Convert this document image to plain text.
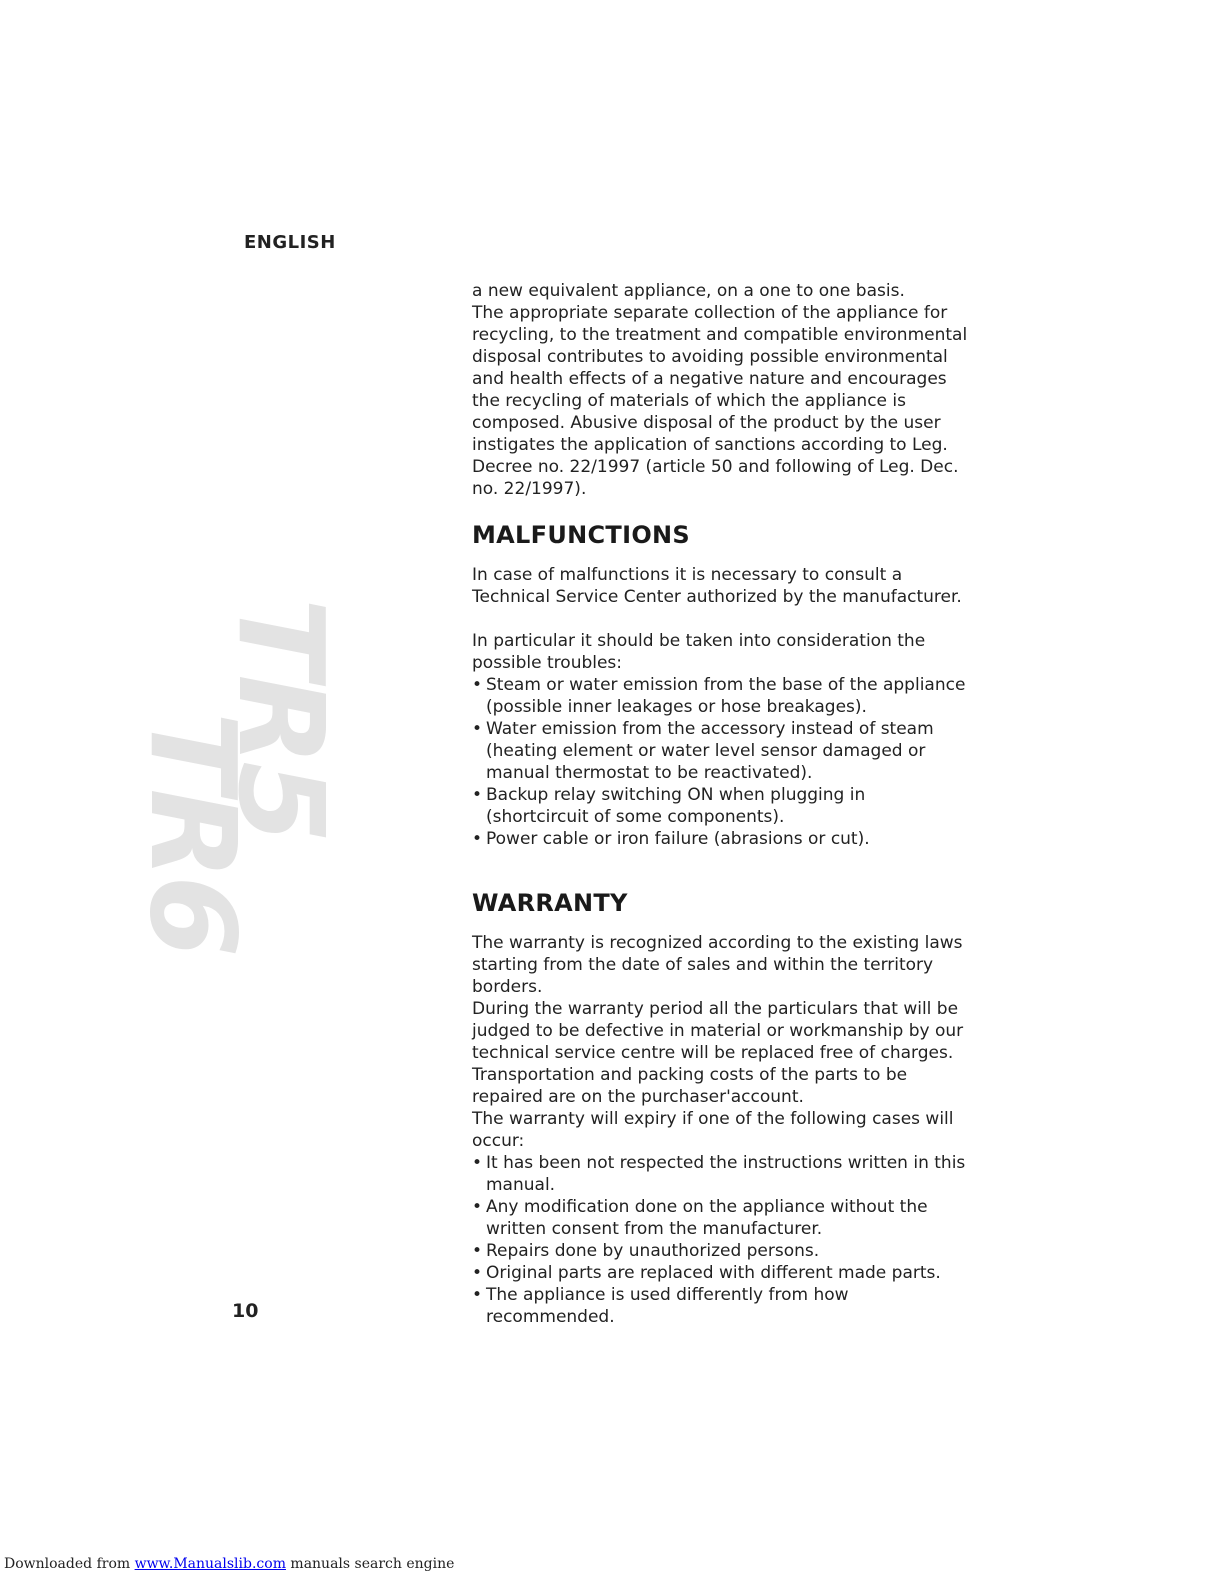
ENGLISH
TR5
TR6

a new equivalent appliance, on a one to one basis.
The appropriate separate collection of the appliance for
recycling, to the treatment and compatible environmental
disposal contributes to avoiding possible environmental
and health effects of a negative nature and encourages
the recycling of materials of which the appliance is
composed. Abusive disposal of the product by the user
instigates the application of sanctions according to Leg.
Decree no. 22/1997 (article 50 and following of Leg. Dec.
no. 22/1997).

MALFUNCTIONS

In case of malfunctions it is necessary to consult a
Technical Service Center authorized by the manufacturer.

In particular it should be taken into consideration the
possible troubles:

• Steam or water emission from the base of the appliance
(possible inner leakages or hose breakages).

• Water emission from the accessory instead of steam
(heating element or water level sensor damaged or
manual thermostat to be reactivated).

• Backup relay switching ON when plugging in
(shortcircuit of some components).

• Power cable or iron failure (abrasions or cut).

WARRANTY

The warranty is recognized according to the existing laws
starting from the date of sales and within the territory
borders.
During the warranty period all the particulars that will be
judged to be defective in material or workmanship by our
technical service centre will be replaced free of charges.
Transportation and packing costs of the parts to be
repaired are on the purchaser'account.
The warranty will expiry if one of the following cases will
occur:

• It has been not respected the instructions written in this
manual.

• Any modification done on the appliance without the
written consent from the manufacturer.

• Repairs done by unauthorized persons.

• Original parts are replaced with different made parts.

• The appliance is used differently from how
recommended.

10
Downloaded from www.Manualslib.com manuals search engine
